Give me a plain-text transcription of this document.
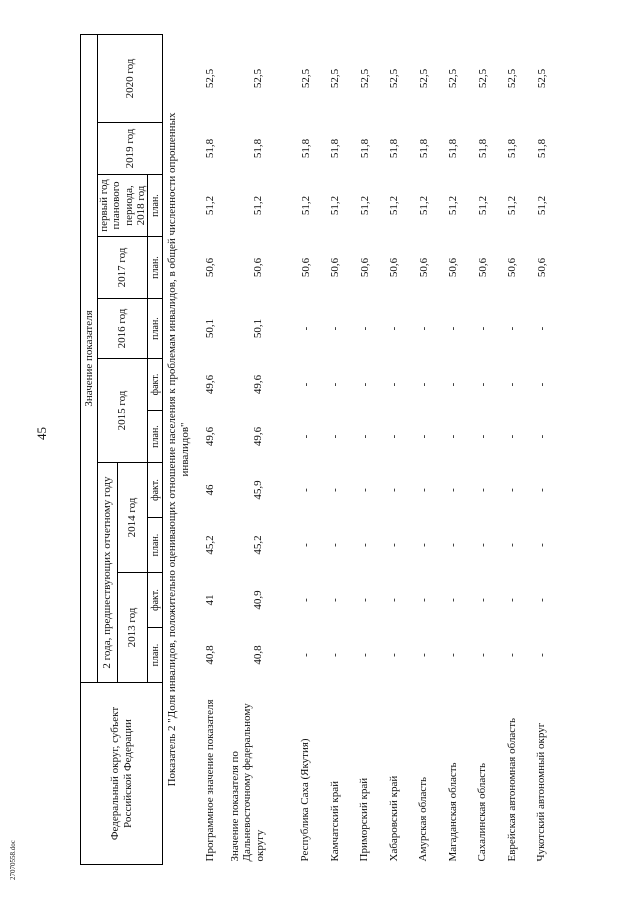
45
27070558.doc
Федеральный округ, субъект Российской Федерации	Значение показателя										
	2 года, предшествующих отчетному году				2015 год		2016 год	2017 год	первый год планового периода, 2018 год	2019 год	2020 год
	2013 год		2014 год								
	план.	факт.	план.	факт.	план.	факт.	план.	план.	план.		
Показатель 2 "Доля инвалидов, положительно оценивающих отношение населения к проблемам инвалидов, в общей численности опрошенных инвалидов"											
Программное значение показателя	40,8	41	45,2	46	49,6	49,6	50,1	50,6	51,2	51,8	52,5
Значение показателя по Дальневосточному федеральному округу	40,8	40,9	45,2	45,9	49,6	49,6	50,1	50,6	51,2	51,8	52,5
Республика Саха (Якутия)	-	-	-	-	-	-	-	50,6	51,2	51,8	52,5
Камчатский край	-	-	-	-	-	-	-	50,6	51,2	51,8	52,5
Приморский край	-	-	-	-	-	-	-	50,6	51,2	51,8	52,5
Хабаровский край	-	-	-	-	-	-	-	50,6	51,2	51,8	52,5
Амурская область	-	-	-	-	-	-	-	50,6	51,2	51,8	52,5
Магаданская область	-	-	-	-	-	-	-	50,6	51,2	51,8	52,5
Сахалинская область	-	-	-	-	-	-	-	50,6	51,2	51,8	52,5
Еврейская автономная область	-	-	-	-	-	-	-	50,6	51,2	51,8	52,5
Чукотский автономный округ	-	-	-	-	-	-	-	50,6	51,2	51,8	52,5
